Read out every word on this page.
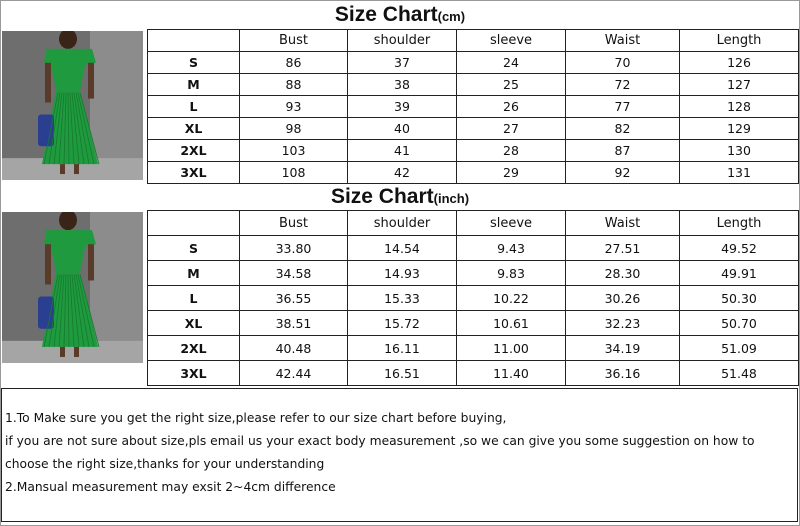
Size Chart(cm)
	Bust	shoulder	sleeve	Waist	Length
S	86	37	24	70	126
M	88	38	25	72	127
L	93	39	26	77	128
XL	98	40	27	82	129
2XL	103	41	28	87	130
3XL	108	42	29	92	131
Size Chart(inch)
	Bust	shoulder	sleeve	Waist	Length
S	33.80	14.54	9.43	27.51	49.52
M	34.58	14.93	9.83	28.30	49.91
L	36.55	15.33	10.22	30.26	50.30
XL	38.51	15.72	10.61	32.23	50.70
2XL	40.48	16.11	11.00	34.19	51.09
3XL	42.44	16.51	11.40	36.16	51.48

1.To Make sure you get the right size,please refer to our size chart before buying,

if you are not sure about size,pls email us your exact body measurement ,so we can give you some suggestion on how to

choose the right size,thanks for your understanding

2.Mansual measurement may exsit 2~4cm difference
